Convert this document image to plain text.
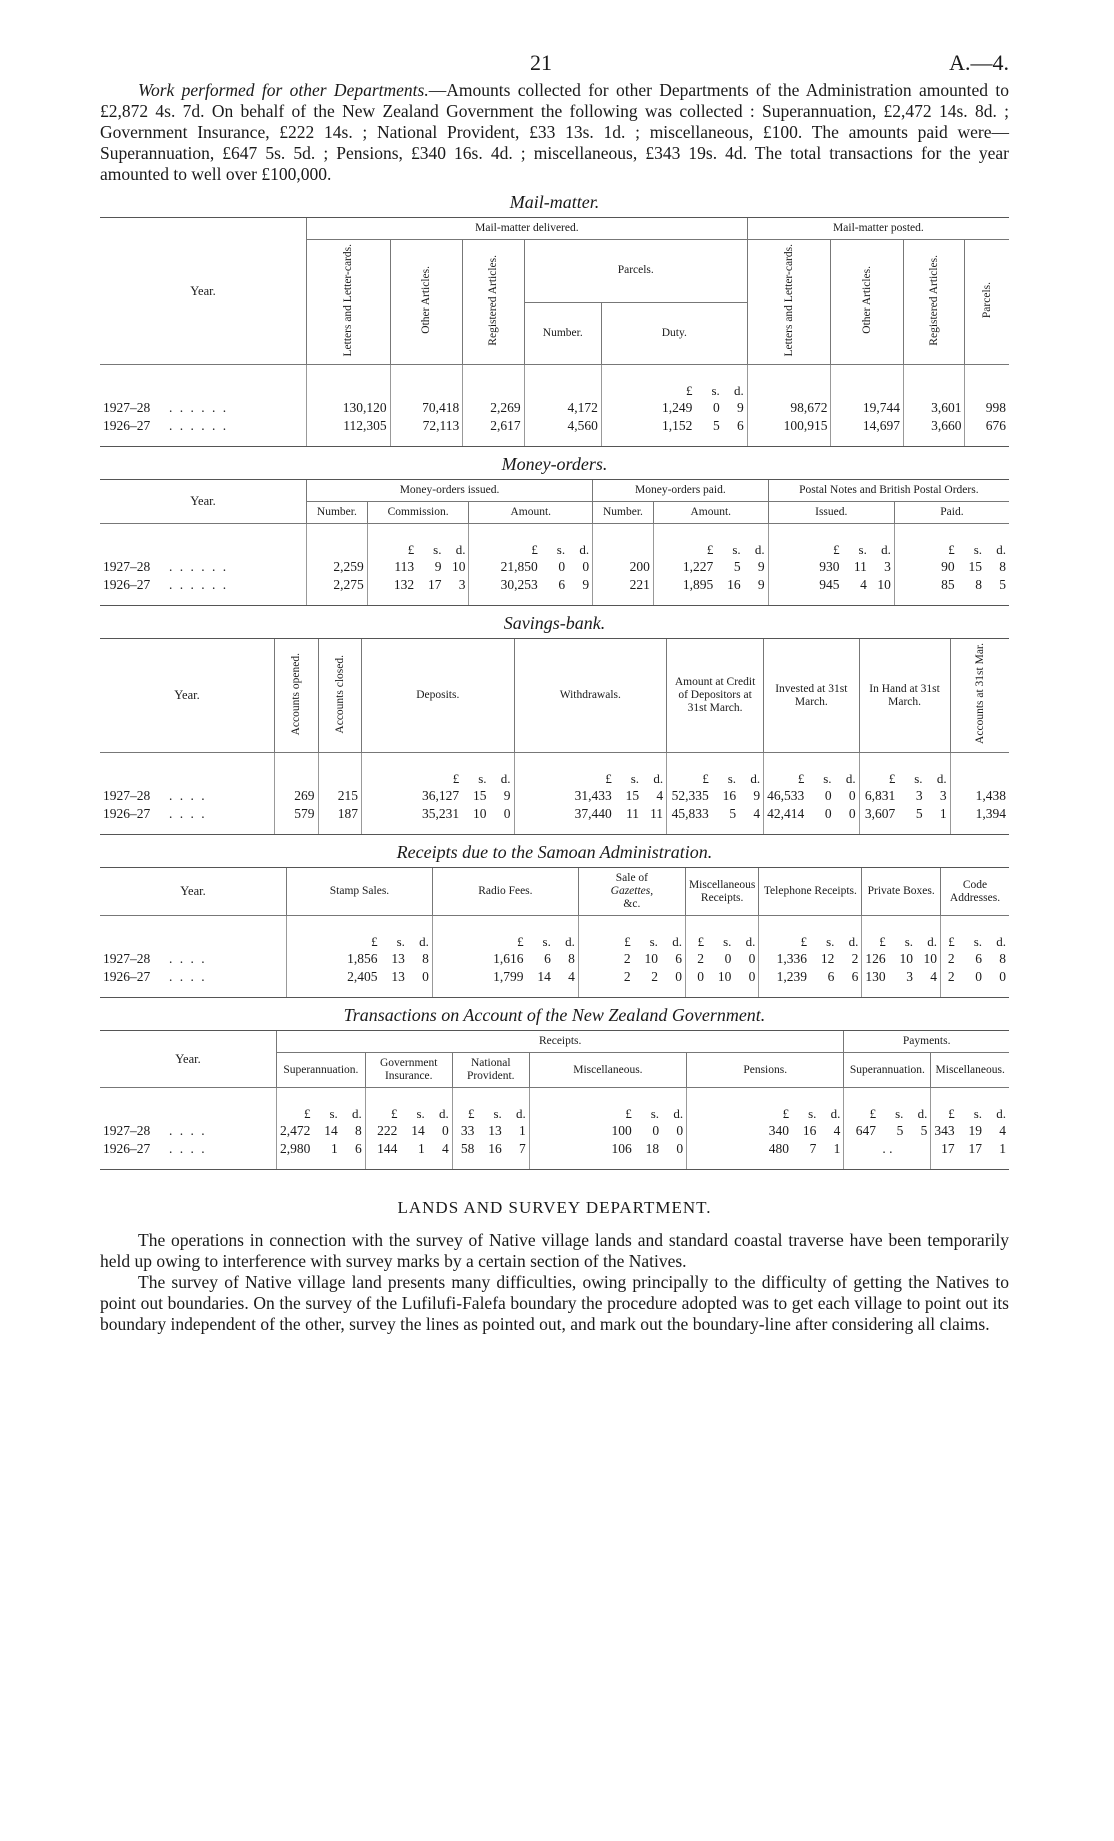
21	A.—4.

Work performed for other Departments.—Amounts collected for other Departments of the Administration amounted to £2,872 4s. 7d. On behalf of the New Zealand Government the following was collected : Superannuation, £2,472 14s. 8d. ; Government Insurance, £222 14s. ; National Provident, £33 13s. 1d. ; miscellaneous, £100. The amounts paid were—Superannuation, £647 5s. 5d. ; Pensions, £340 16s. 4d. ; miscellaneous, £343 19s. 4d. The total transactions for the year amounted to well over £100,000.

Mail-matter.
Year.	Mail-matter delivered.					Mail-matter posted.			
	Letters and Letter-cards.	Other Articles.	Registered Articles.	Parcels.		Letters and Letter-cards.	Other Articles.	Registered Articles.	Parcels.
				Number.	Duty.				
					£ s. d.				
1927–28 . . . . . .	130,120	70,418	2,269	4,172	1,249 0 9	98,672	19,744	3,601	998
1926–27 . . . . . .	112,305	72,113	2,617	4,560	1,152 5 6	100,915	14,697	3,660	676
Money-orders.
Year.	Money-orders issued.			Money-orders paid.		Postal Notes and British Postal Orders.	
	Number.	Commission.	Amount.	Number.	Amount.	Issued.	Paid.
		£ s. d.	£ s. d.		£ s. d.	£ s. d.	£ s. d.
1927–28 . . . . . .	2,259	113 9 10	21,850 0 0	200	1,227 5 9	930 11 3	90 15 8
1926–27 . . . . . .	2,275	132 17 3	30,253 6 9	221	1,895 16 9	945 4 10	85 8 5
Savings-bank.
Year.	Accounts opened.	Accounts closed.	Deposits.	Withdrawals.	Amount at Credit of Depositors at 31st March.	Invested at 31st March.	In Hand at 31st March.	Accounts at 31st Mar.
			£ s. d.	£ s. d.	£ s. d.	£ s. d.	£ s. d.	
1927–28 . . . .	269	215	36,127 15 9	31,433 15 4	52,335 16 9	46,533 0 0	6,831 3 3	1,438
1926–27 . . . .	579	187	35,231 10 0	37,440 11 11	45,833 5 4	42,414 0 0	3,607 5 1	1,394
Receipts due to the Samoan Administration.
Year.	Stamp Sales.	Radio Fees.	Sale of
Gazettes,
&c.	Miscellaneous Receipts.	Telephone Receipts.	Private Boxes.	Code Addresses.
	£ s. d.	£ s. d.	£ s. d.	£ s. d.	£ s. d.	£ s. d.	£ s. d.
1927–28 . . . .	1,856 13 8	1,616 6 8	2 10 6	2 0 0	1,336 12 2	126 10 10	2 6 8
1926–27 . . . .	2,405 13 0	1,799 14 4	2 2 0	0 10 0	1,239 6 6	130 3 4	2 0 0
Transactions on Account of the New Zealand Government.
Year.	Receipts.					Payments.	
	Superannuation.	Government Insurance.	National Provident.	Miscellaneous.	Pensions.	Superannuation.	Miscellaneous.
	£ s. d.	£ s. d.	£ s. d.	£ s. d.	£ s. d.	£ s. d.	£ s. d.
1927–28 . . . .	2,472 14 8	222 14 0	33 13 1	100 0 0	340 16 4	647 5 5	343 19 4
1926–27 . . . .	2,980 1 6	144 1 4	58 16 7	106 18 0	480 7 1	. .	17 17 1
LANDS AND SURVEY DEPARTMENT.

The operations in connection with the survey of Native village lands and standard coastal traverse have been temporarily held up owing to interference with survey marks by a certain section of the Natives.

The survey of Native village land presents many difficulties, owing principally to the difficulty of getting the Natives to point out boundaries. On the survey of the Lufilufi-Falefa boundary the procedure adopted was to get each village to point out its boundary independent of the other, survey the lines as pointed out, and mark out the boundary-line after considering all claims.
